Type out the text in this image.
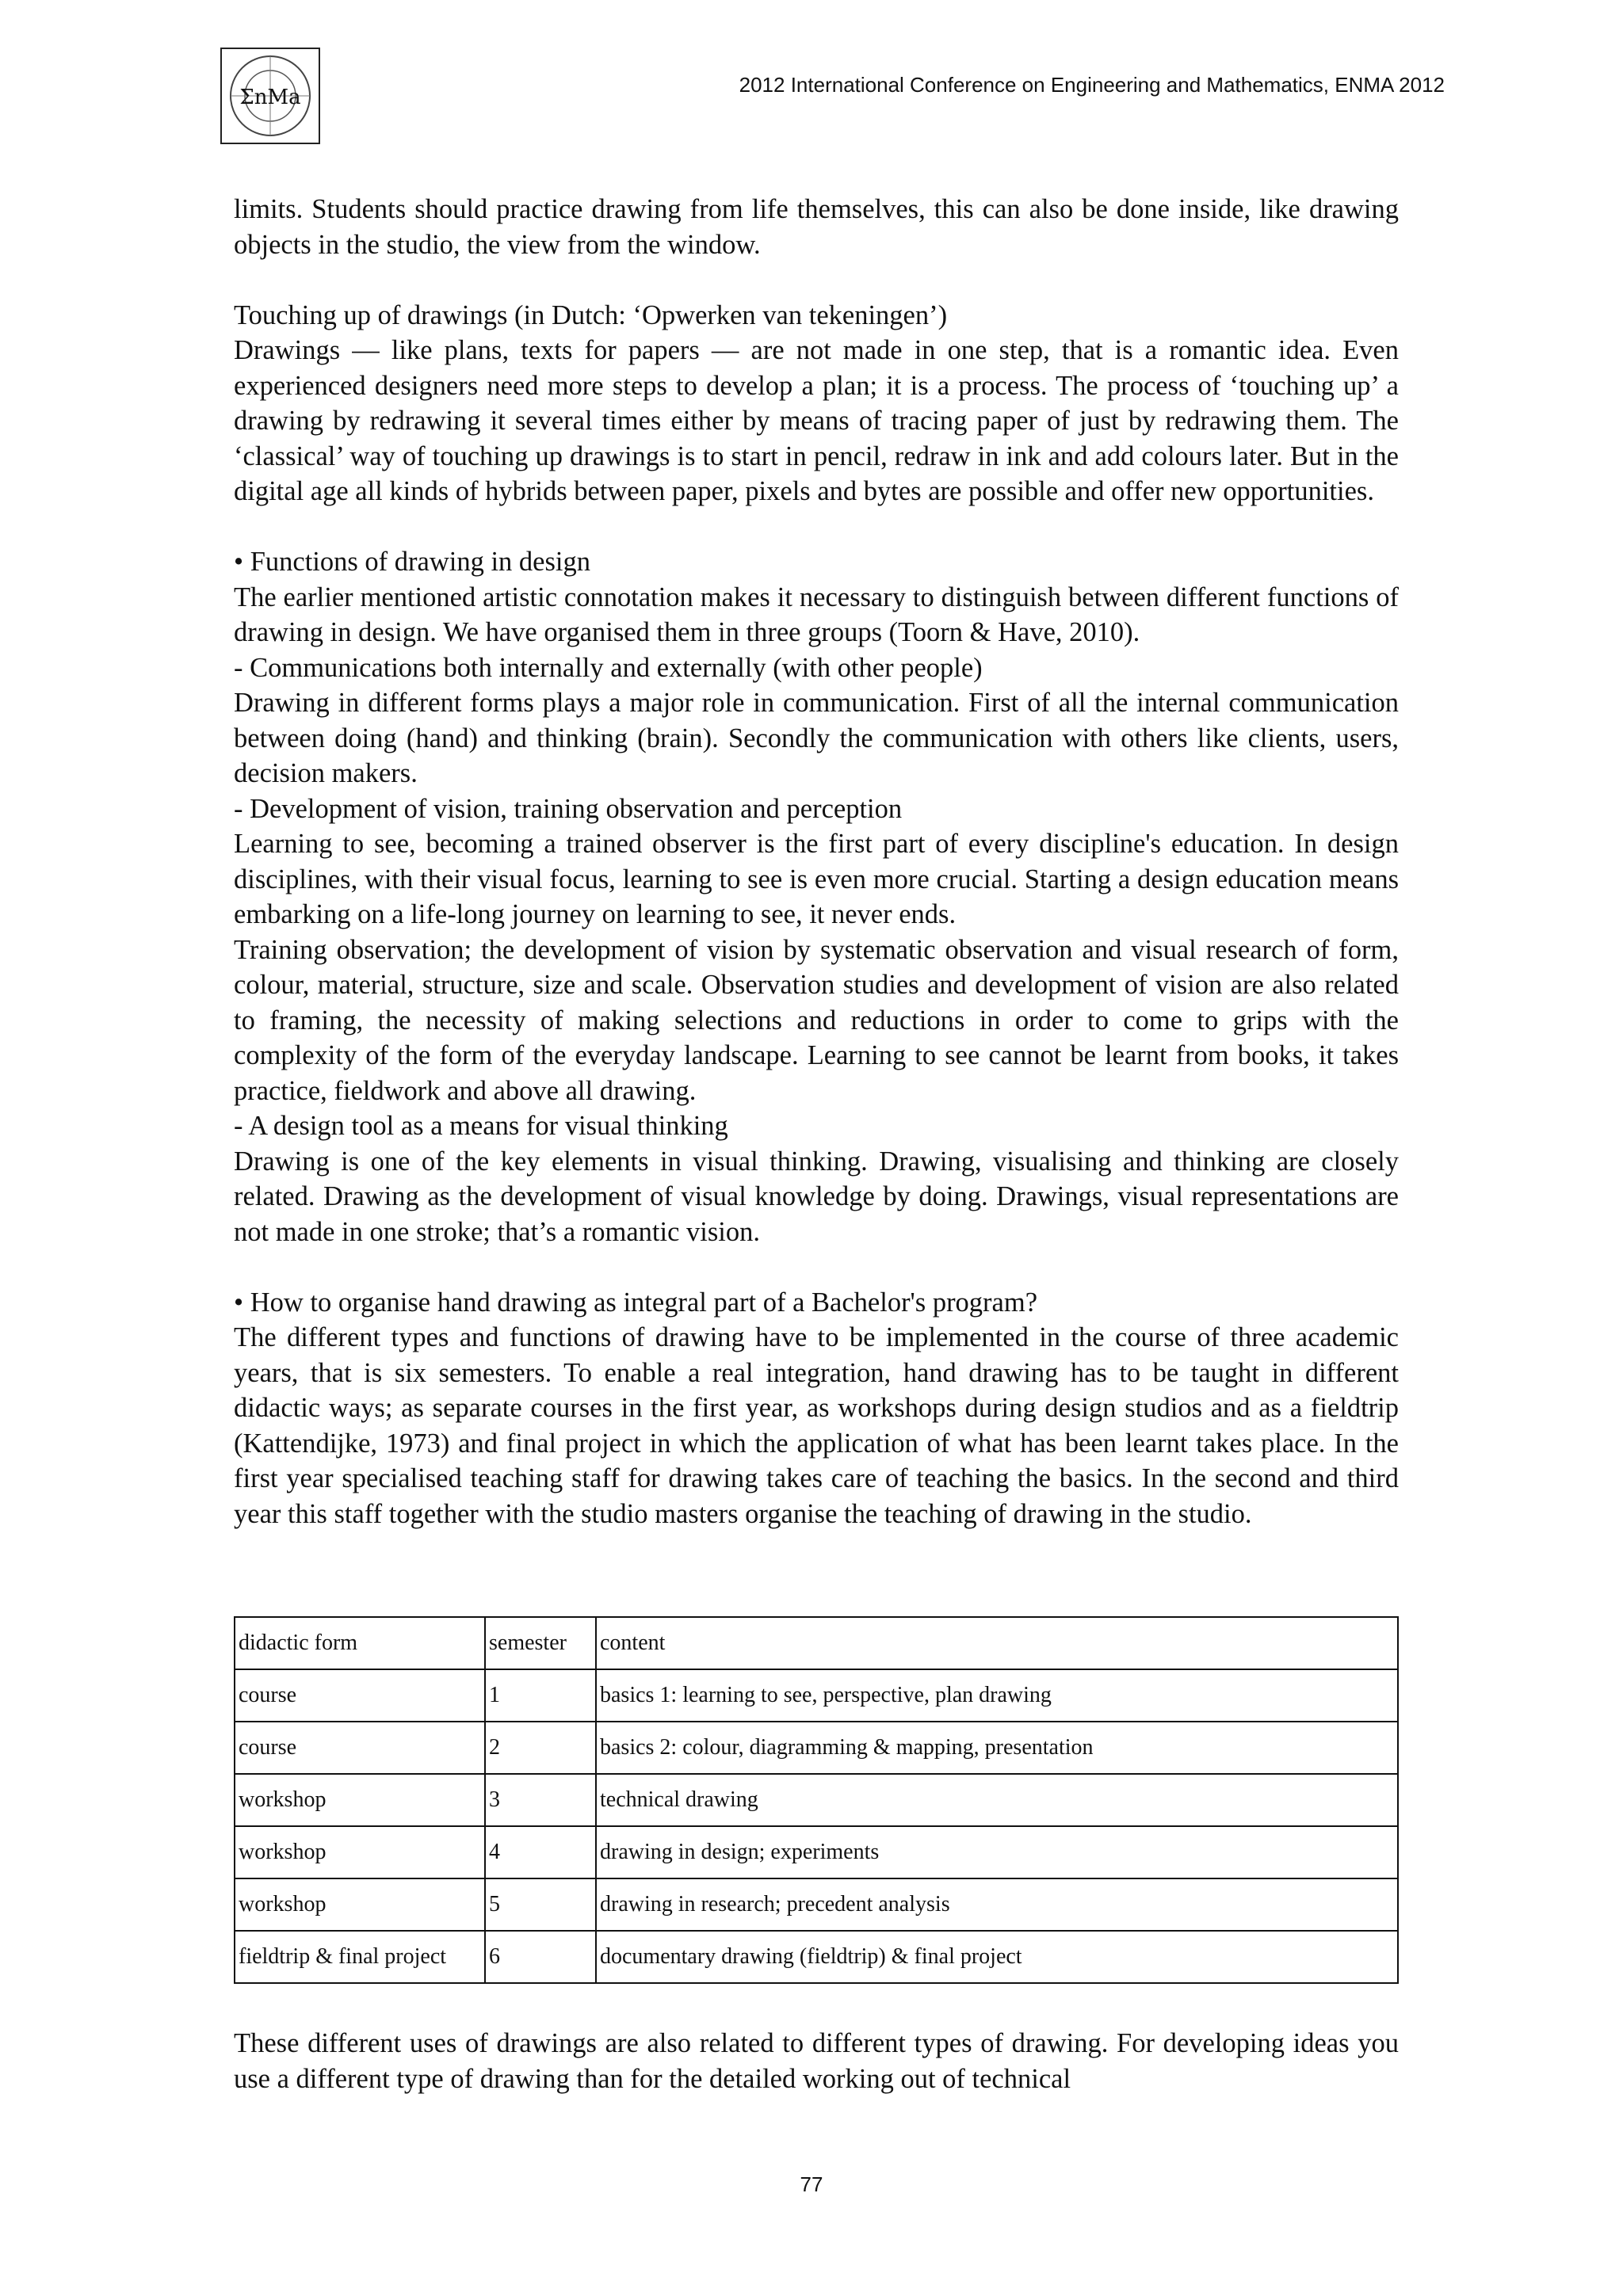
ΣnMa
2012 International Conference on Engineering and Mathematics, ENMA 2012

limits. Students should practice drawing from life themselves, this can also be done inside, like drawing objects in the studio, the view from the window.

Touching up of drawings (in Dutch: ‘Opwerken van tekeningen’)

Drawings — like plans, texts for papers — are not made in one step, that is a romantic idea. Even experienced designers need more steps to develop a plan; it is a process. The process of ‘touching up’ a drawing by redrawing it several times either by means of tracing paper of just by redrawing them. The ‘classical’ way of touching up drawings is to start in pencil, redraw in ink and add colours later. But in the digital age all kinds of hybrids between paper, pixels and bytes are possible and offer new opportunities.

• Functions of drawing in design

The earlier mentioned artistic connotation makes it necessary to distinguish between different functions of drawing in design. We have organised them in three groups (Toorn & Have, 2010).

- Communications both internally and externally (with other people)

Drawing in different forms plays a major role in communication. First of all the internal communication between doing (hand) and thinking (brain). Secondly the communication with others like clients, users, decision makers.

- Development of vision, training observation and perception

Learning to see, becoming a trained observer is the first part of every discipline's education. In design disciplines, with their visual focus, learning to see is even more crucial. Starting a design education means embarking on a life-long journey on learning to see, it never ends.

Training observation; the development of vision by systematic observation and visual research of form, colour, material, structure, size and scale. Observation studies and development of vision are also related to framing, the necessity of making selections and reductions in order to come to grips with the complexity of the form of the everyday landscape. Learning to see cannot be learnt from books, it takes practice, fieldwork and above all drawing.

- A design tool as a means for visual thinking

Drawing is one of the key elements in visual thinking. Drawing, visualising and thinking are closely related. Drawing as the development of visual knowledge by doing. Drawings, visual representations are not made in one stroke; that’s a romantic vision.

• How to organise hand drawing as integral part of a Bachelor's program?

The different types and functions of drawing have to be implemented in the course of three academic years, that is six semesters. To enable a real integration, hand drawing has to be taught in different didactic ways; as separate courses in the first year, as workshops during design studios and as a fieldtrip (Kattendijke, 1973) and final project in which the application of what has been learnt takes place. In the first year specialised teaching staff for drawing takes care of teaching the basics. In the second and third year this staff together with the studio masters organise the teaching of drawing in the studio.

didactic form	semester	content
course	1	basics 1: learning to see, perspective, plan drawing
course	2	basics 2: colour, diagramming & mapping, presentation
workshop	3	technical drawing
workshop	4	drawing in design; experiments
workshop	5	drawing in research; precedent analysis
fieldtrip & final project	6	documentary drawing (fieldtrip) & final project

These different uses of drawings are also related to different types of drawing. For developing ideas you use a different type of drawing than for the detailed working out of technical

77
